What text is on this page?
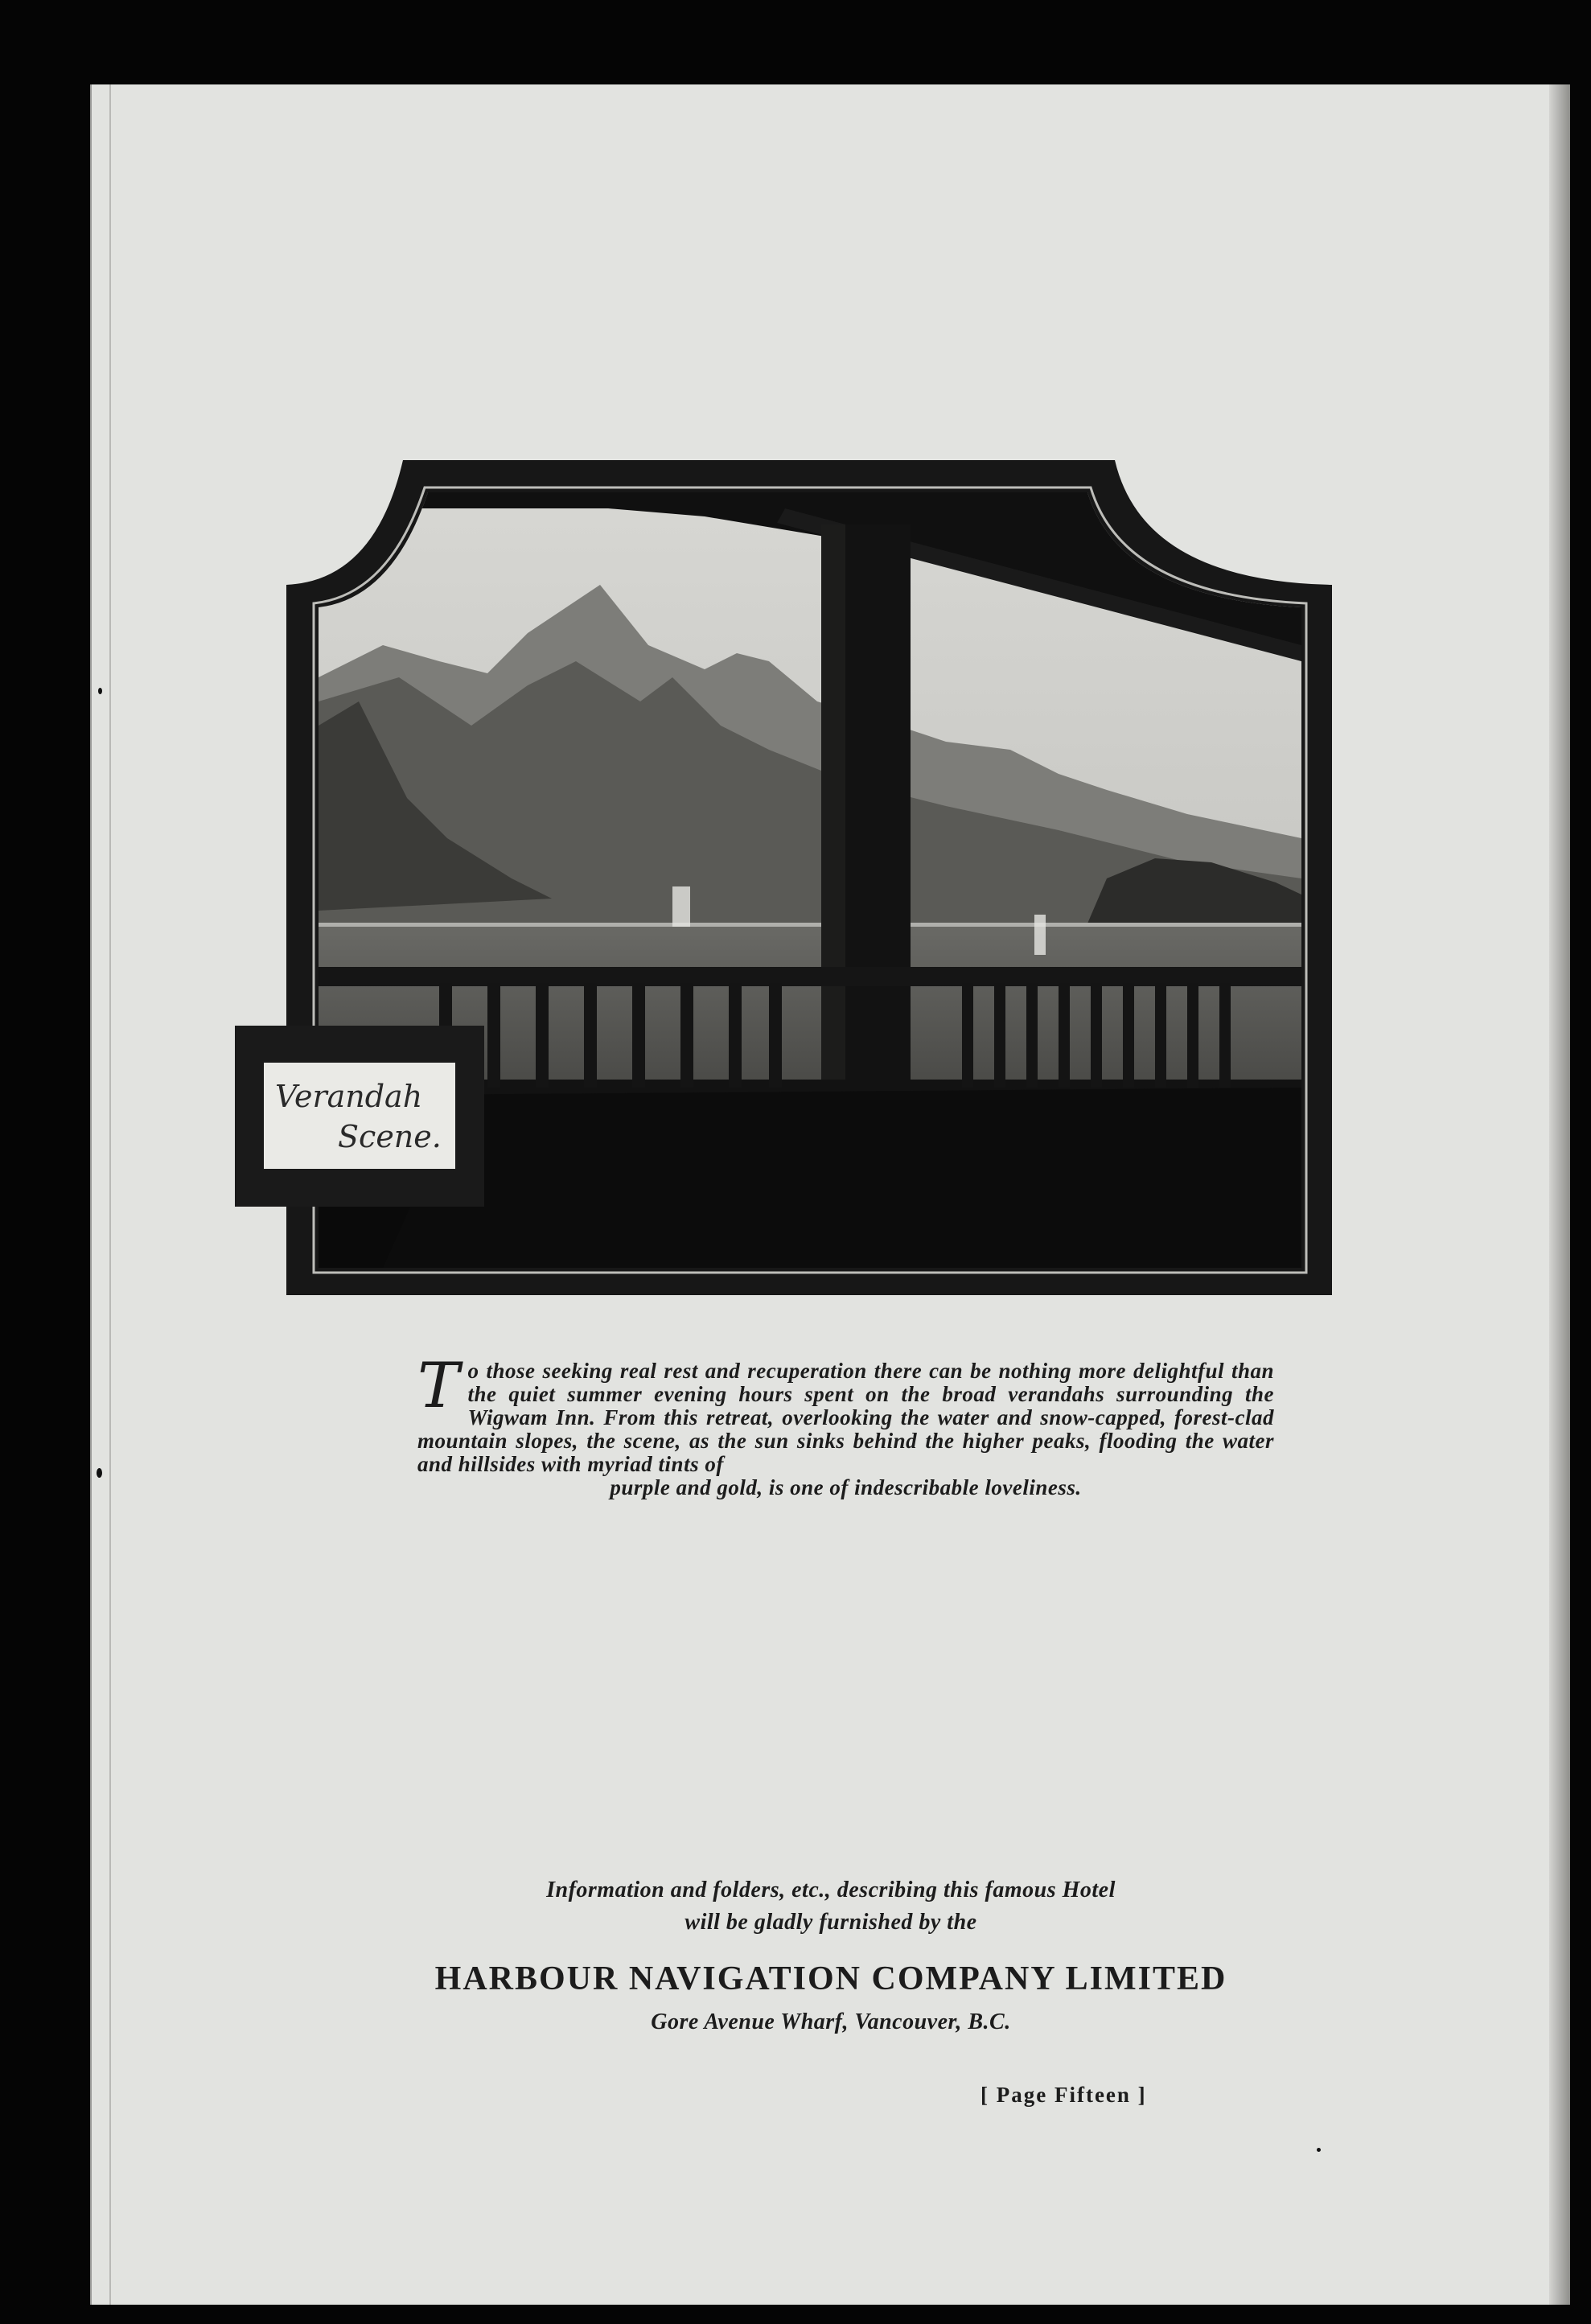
Verandah
Scene.
To those seeking real rest and recuperation there can be nothing more delightful than the quiet summer evening hours spent on the broad verandahs surrounding the Wigwam Inn. From this retreat, overlooking the water and snow-capped, forest-clad mountain slopes, the scene, as the sun sinks behind the higher peaks, flooding the water and hillsides with myriad tints of
purple and gold, is one of indescribable loveliness.
Information and folders, etc., describing this famous Hotel
will be gladly furnished by the
HARBOUR NAVIGATION COMPANY LIMITED
Gore Avenue Wharf, Vancouver, B.C.
[ Page Fifteen ]
